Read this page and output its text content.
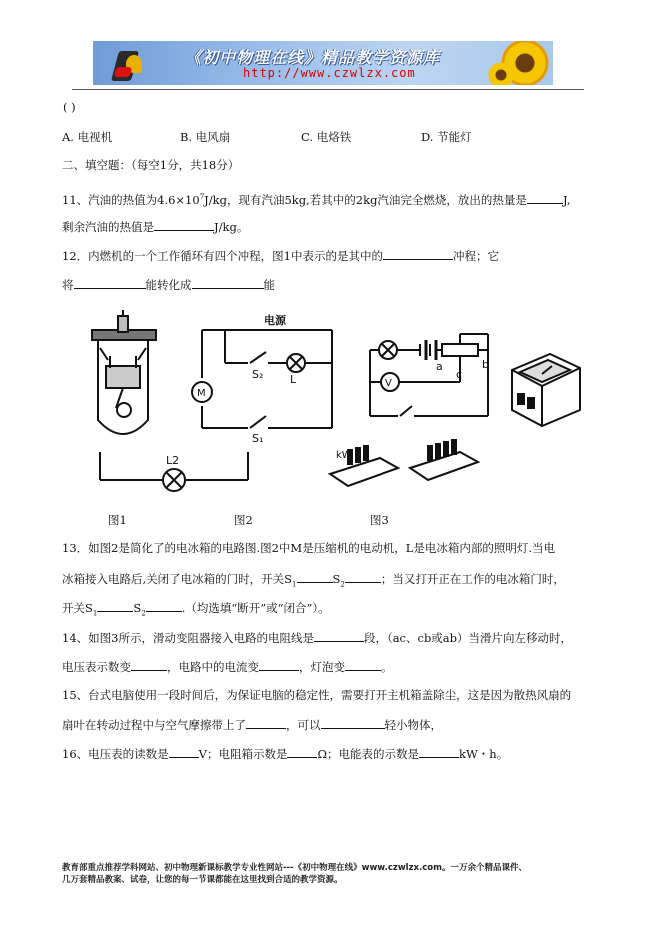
《初中物理在线》精品教学资源库
http://www.czwlzx.com
( )
A. 电视机	B. 电风扇	C. 电烙铁	D. 节能灯
二、填空题：（每空1分，共18分）
11、汽油的热值为$4.6\times 10^7J/kg$，现有汽油5kg,若其中的2kg汽油完全燃烧，放出的热量是	J,
剩余汽油的热值是	J/kg。
12．内燃机的一个工作循环有四个冲程，图1中表示的是其中的	冲程；它
将	能转化成	能
电源
M
L
S₂
S₁
L2
a	b
c
V
kW
图1	图2	图3
13．如图2是简化了的电冰箱的电路图.图2中M是压缩机的电动机，L是电冰箱内部的照明灯.当电
冰箱接入电路后,关闭了电冰箱的门时，开关$S_1$	$S_2$	；当又打开正在工作的电冰箱门时，
开关$S_1$	$S_2$	.（均选填“断开”或“闭合”）。
14、如图3所示，滑动变阻器接入电路的电阻线是	段，（ac、cb或ab）当滑片向左移动时，
电压表示数变	，电路中的电流变	，灯泡变	。
15、台式电脑使用一段时间后，为保证电脑的稳定性，需要打开主机箱盖除尘，这是因为散热风扇的
扇叶在转动过程中与空气摩擦带上了	，可以	轻小物体，
16、电压表的读数是	V；电阻箱示数是	Ω；电能表的示数是	kW・h。
教育部重点推荐学科网站、初中物理新课标教学专业性网站---《初中物理在线》www.czwlzx.com。一万余个精品课件、
几万套精品教案、试卷，让您的每一节课都能在这里找到合适的教学资源。
